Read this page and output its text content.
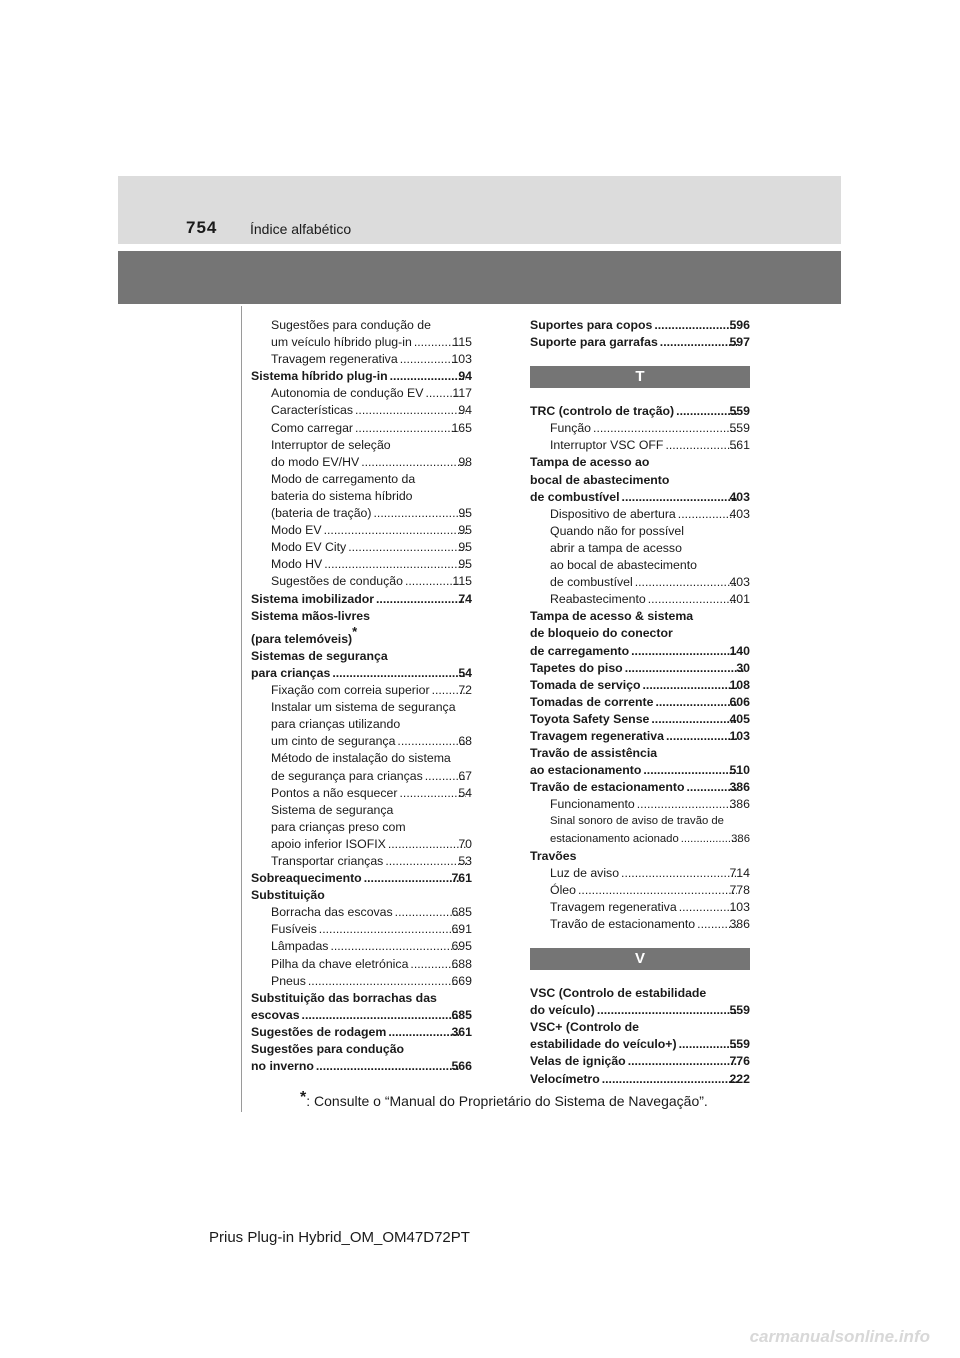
754 Índice alfabético
Sugestões para condução de
um veículo híbrido plug-in .....	115
Travagem regenerativa .....	103
Sistema híbrido plug-in .....	94
Autonomia de condução EV ..... 117
Características .....	94
Como carregar .....	165
Interruptor de seleção
do modo EV/HV .....	98
Modo de carregamento da
bateria do sistema híbrido
(bateria de tração) .....	95
Modo EV .....	95
Modo EV City .....	95
Modo HV .....	95
Sugestões de condução .....	115
Sistema imobilizador .....	74
Sistema mãos-livres
(para telemóveis)*
Sistemas de segurança
para crianças .....	54
Fixação com correia superior ..... 72
Instalar um sistema de segurança
para crianças utilizando
um cinto de segurança .....	68
Método de instalação do sistema
de segurança para crianças .....	67
Pontos a não esquecer .....	54
Sistema de segurança
para crianças preso com
apoio inferior ISOFIX .....	70
Transportar crianças .....	53
Sobreaquecimento .....	761
Substituição
Borracha das escovas .....	685
Fusíveis .....	691
Lâmpadas .....	695
Pilha da chave eletrónica .....	688
Pneus .....	669
Substituição das borrachas das
escovas .....	685
Sugestões de rodagem .....	361
Sugestões para condução
no inverno .....	566
Suportes para copos .....	596
Suporte para garrafas .....	597
T
TRC (controlo de tração) .....	559
Função .....	559
Interruptor VSC OFF .....	561
Tampa de acesso ao
bocal de abastecimento
de combustível .....	403
Dispositivo de abertura .....	403
Quando não for possível
abrir a tampa de acesso
ao bocal de abastecimento
de combustível .....	403
Reabastecimento .....	401
Tampa de acesso & sistema
de bloqueio do conector
de carregamento .....	140
Tapetes do piso .....	30
Tomada de serviço .....	108
Tomadas de corrente .....	606
Toyota Safety Sense .....	405
Travagem regenerativa .....	103
Travão de assistência
ao estacionamento .....	510
Travão de estacionamento .....	386
Funcionamento .....	386
Sinal sonoro de aviso de travão de
estacionamento acionado .....	386
Travões
Luz de aviso .....	714
Óleo .....	778
Travagem regenerativa .....	103
Travão de estacionamento .....	386
V
VSC (Controlo de estabilidade
do veículo) .....	559
VSC+ (Controlo de
estabilidade do veículo+) .....	559
Velas de ignição .....	776
Velocímetro .....	222
*: Consulte o “Manual do Proprietário do Sistema de Navegação”.
Prius Plug-in Hybrid_OM_OM47D72PT
carmanualsonline.info
